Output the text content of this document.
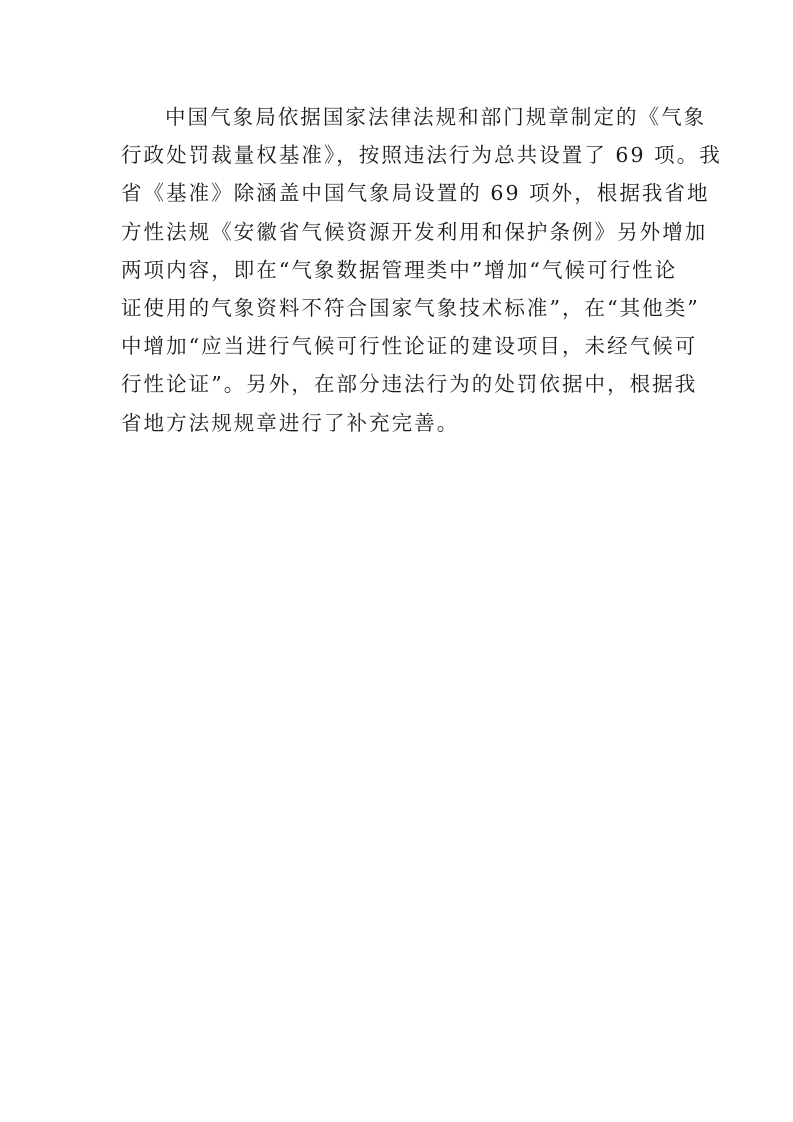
中国气象局依据国家法律法规和部门规章制定的《气象
行政处罚裁量权基准》，按照违法行为总共设置了 69 项。我
省《基准》除涵盖中国气象局设置的 69 项外，根据我省地
方性法规《安徽省气候资源开发利用和保护条例》另外增加
两项内容，即在“气象数据管理类中”增加“气候可行性论
证使用的气象资料不符合国家气象技术标准”，在“其他类”
中增加“应当进行气候可行性论证的建设项目，未经气候可
行性论证”。另外，在部分违法行为的处罚依据中，根据我
省地方法规规章进行了补充完善。
